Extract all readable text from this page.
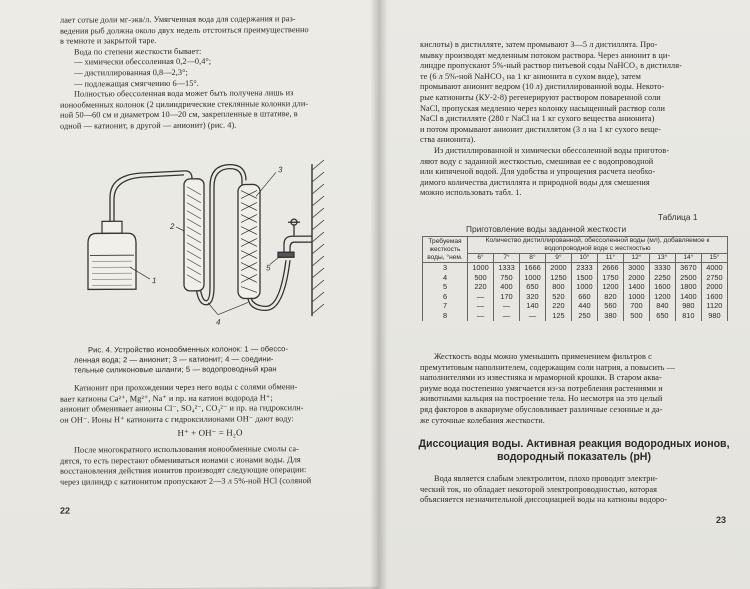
лает сотые доли мг-экв/л. Умягченная вода для содержания и раз-

ведения рыб должна около двух недель отстоиться преимущественно

в темноте и закрытой таре.

Вода по степени жесткости бывает:

— химически обессоленная 0,2—0,4°;

— дистиллированная 0,8—2,3°;

— подлежащая смягчению 6—15°.

Полностью обессоленная вода может быть получена лишь из

ионообменных колонок (2 цилиндрические стеклянные колонки дли-

ной 50—60 см и диаметром 10—20 см, закрепленные в штативе, в

одной — катионит, в другой — анионит) (рис. 4).

1
2
3
4
5

Рис. 4. Устройство ионообменных колонок: 1 — обессо-

ленная вода; 2 — анионит; 3 — катионит; 4 — соедини-

тельные силиконовые шланги; 5 — водопроводный кран

Катионит при прохождении через него воды с солями обмени-

вает катионы Ca²⁺, Mg²⁺, Na⁺ и пр. на катион водорода H⁺;

анионит обменивает анионы Cl⁻, SO₄²⁻, CO₃²⁻ и пр. на гидроксилн-

он OH⁻. Ионы H⁺ катионита с гидроксилионами OH⁻ дают воду:

H⁺ + OH⁻ = H₂O

После многократного использования ионообменные смолы са-

дятся, то есть перестают обмениваться ионами с ионами воды. Для

восстановления действия ионитов производят следующие операции:

через цилиндр с катионитом пропускают 2—3 л 5%-ной HCl (соляной

22

кислоты) в дистилляте, затем промывают 3—5 л дистиллята. Про-

мывку производят медленным потоком раствора. Через анионит в ци-

линдре пропускают 5%-ный раствор питьевой соды NaHCO₃ в дистилля-

те (6 л 5%-ной NaHCO₃ на 1 кг анионита в сухом виде), затем

промывают анионит ведром (10 л) дистиллированной воды. Некото-

рые катиониты (КУ-2-8) регенерируют раствором поваренной соли

NaCl, пропуская медленно через колонку насыщенный раствор соли

NaCl в дистилляте (280 г NaCl на 1 кг сухого вещества анионита)

и потом промывают анионит дистиллятом (3 л на 1 кг сухого веще-

ства анионита).

Из дистиллированной и химически обессоленной воды приготов-

ляют воду с заданной жесткостью, смешивая ее с водопроводной

или кипяченой водой. Для удобства и упрощения расчета необхо-

димого количества дистиллята и природной воды для смешения

можно использовать табл. 1.

Таблица 1
Приготовление воды заданной жесткости
Требуемая жесткость воды, °нем.	Количество дистиллированной, обессоленной воды (мл), добавляемое к водопроводной воде с жесткостью									
	6°	7°	8°	9°	10°	11°	12°	13°	14°	15°
3	1000	1333	1666	2000	2333	2666	3000	3330	3670	4000
4	500	750	1000	1250	1500	1750	2000	2250	2500	2750
5	220	400	650	800	1000	1200	1400	1600	1800	2000
6	—	170	320	520	660	820	1000	1200	1400	1600
7	—	—	140	220	440	560	700	840	980	1120
8	—	—	—	125	250	380	500	650	810	980

Жесткость воды можно уменьшить применением фильтров с

премутитовым наполнителем, содержащим соли натрия, а повысить —

наполнителями из известняка и мраморной крошки. В старом аква-

риуме вода постепенно умягчается из-за потребления растениями и

животными кальция на построение тела. Но несмотря на это целый

ряд факторов в аквариуме обусловливает различные сезонные и да-

же суточные колебания жесткости.

Диссоциация воды. Активная реакция водородных ионов,
водородный показатель (pH)

Вода является слабым электролитом, плохо проводит электри-

ческий ток, но обладает некоторой электропроводностью, которая

объясняется незначительной диссоциацией воды на катионы водоро-

23
